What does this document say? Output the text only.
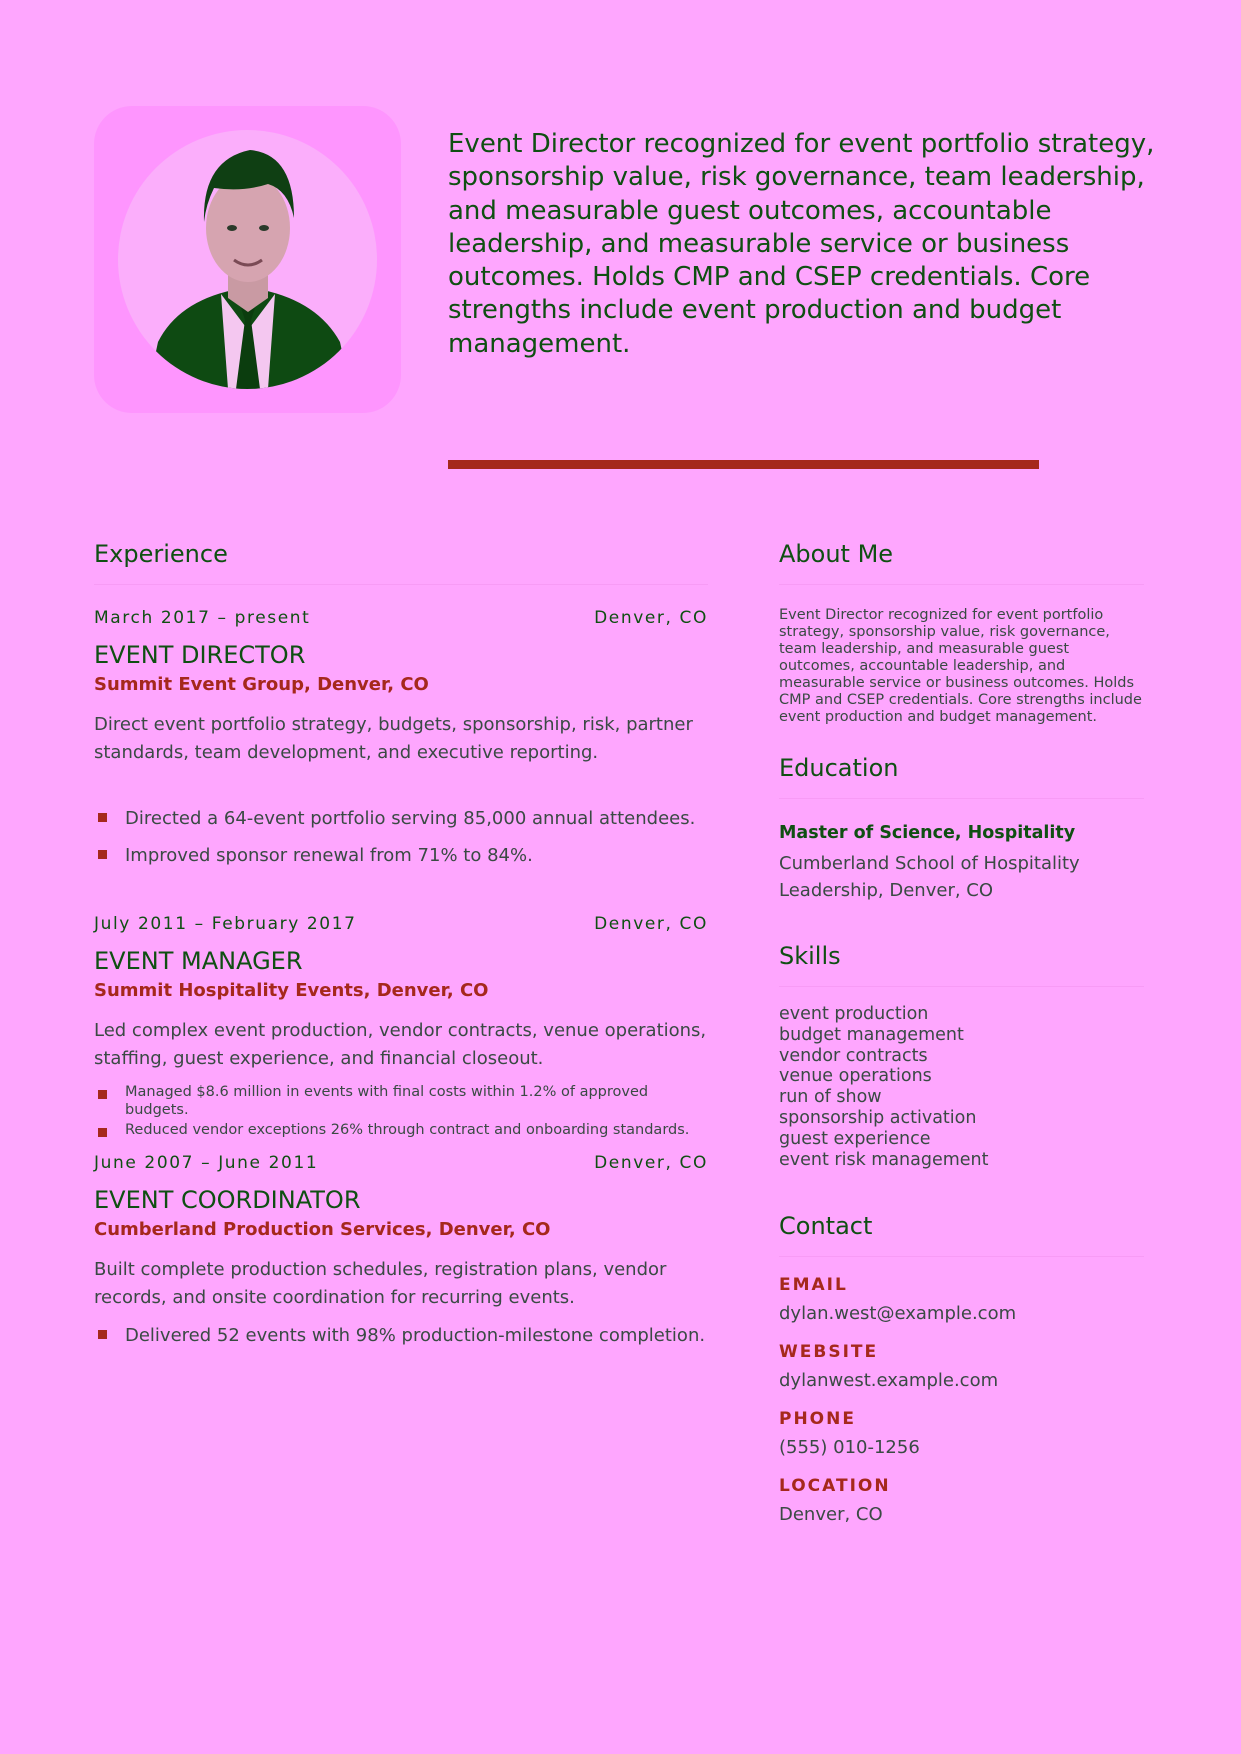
Event Director recognized for event portfolio strategy, sponsorship value, risk governance, team leadership, and measurable guest outcomes, accountable leadership, and measurable service or business outcomes. Holds CMP and CSEP credentials. Core strengths include event production and budget management.

Experience
March 2017 – present	Denver, CO
EVENT DIRECTOR
Summit Event Group, Denver, CO

Direct event portfolio strategy, budgets, sponsorship, risk, partner standards, team development, and executive reporting.

Directed a 64-event portfolio serving 85,000 annual attendees.
Improved sponsor renewal from 71% to 84%.
July 2011 – February 2017	Denver, CO
EVENT MANAGER
Summit Hospitality Events, Denver, CO

Led complex event production, vendor contracts, venue operations, staffing, guest experience, and financial closeout.

Managed $8.6 million in events with final costs within 1.2% of approved budgets.
Reduced vendor exceptions 26% through contract and onboarding standards.
June 2007 – June 2011	Denver, CO
EVENT COORDINATOR
Cumberland Production Services, Denver, CO

Built complete production schedules, registration plans, vendor records, and onsite coordination for recurring events.

Delivered 52 events with 98% production-milestone completion.
About Me

Event Director recognized for event portfolio strategy, sponsorship value, risk governance, team leadership, and measurable guest outcomes, accountable leadership, and measurable service or business outcomes. Holds CMP and CSEP credentials. Core strengths include event production and budget management.

Education
Master of Science, Hospitality
Cumberland School of Hospitality Leadership, Denver, CO
Skills
event production
budget management
vendor contracts
venue operations
run of show
sponsorship activation
guest experience
event risk management
Contact
EMAIL
dylan.west@example.com
WEBSITE
dylanwest.example.com
PHONE
(555) 010-1256
LOCATION
Denver, CO
